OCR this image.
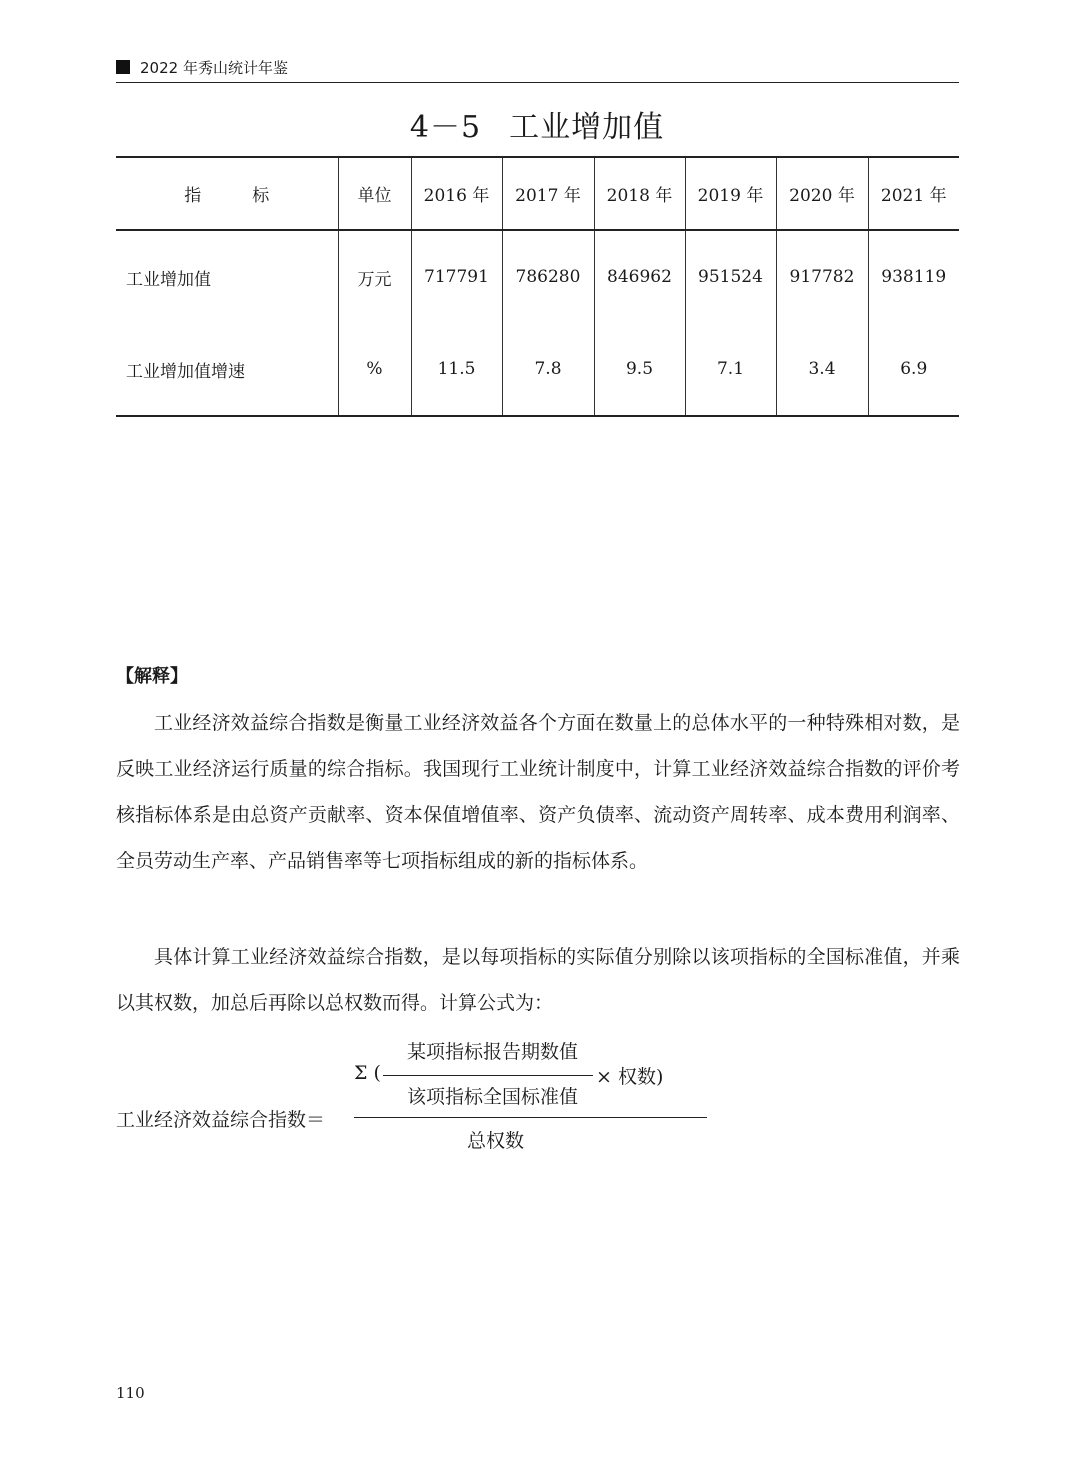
2022 年秀山统计年鉴
4－5 工业增加值
指　　　标	单位	2016 年	2017 年	2018 年	2019 年	2020 年	2021 年
工业增加值	万元	717791	786280	846962	951524	917782	938119
工业增加值增速	%	11.5	7.8	9.5	7.1	3.4	6.9
【解释】

工业经济效益综合指数是衡量工业经济效益各个方面在数量上的总体水平的一种特殊相对数，是反映工业经济运行质量的综合指标。我国现行工业统计制度中，计算工业经济效益综合指数的评价考核指标体系是由总资产贡献率、资本保值增值率、资产负债率、流动资产周转率、成本费用利润率、全员劳动生产率、产品销售率等七项指标组成的新的指标体系。

具体计算工业经济效益综合指数，是以每项指标的实际值分别除以该项指标的全国标准值，并乘以其权数，加总后再除以总权数而得。计算公式为：

某项指标报告期数值
Σ (	× 权数)
该项指标全国标准值
工业经济效益综合指数＝
总权数
110
